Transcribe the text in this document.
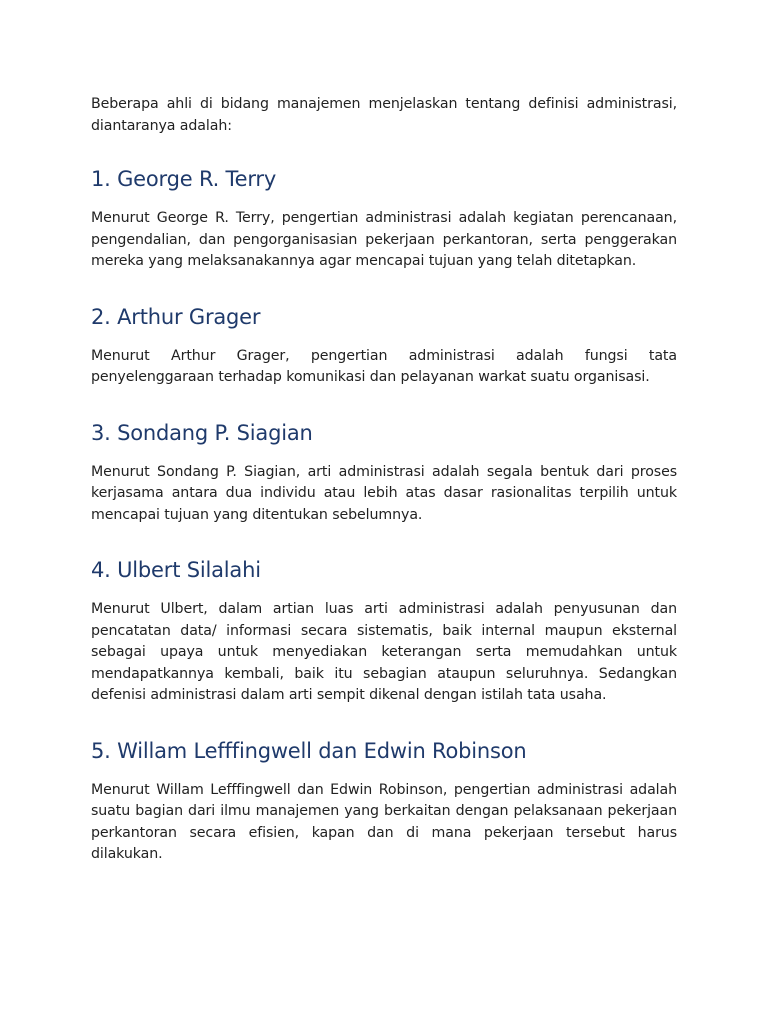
Beberapa ahli di bidang manajemen menjelaskan tentang definisi administrasi, diantaranya adalah:

1. George R. Terry

Menurut George R. Terry, pengertian administrasi adalah kegiatan perencanaan, pengendalian, dan pengorganisasian pekerjaan perkantoran, serta penggerakan mereka yang melaksanakannya agar mencapai tujuan yang telah ditetapkan.

2. Arthur Grager

Menurut Arthur Grager, pengertian administrasi adalah fungsi tata penyelenggaraan terhadap komunikasi dan pelayanan warkat suatu organisasi.

3. Sondang P. Siagian

Menurut Sondang P. Siagian, arti administrasi adalah segala bentuk dari proses kerjasama antara dua individu atau lebih atas dasar rasionalitas terpilih untuk mencapai tujuan yang ditentukan sebelumnya.

4. Ulbert Silalahi

Menurut Ulbert, dalam artian luas arti administrasi adalah penyusunan dan pencatatan data/ informasi secara sistematis, baik internal maupun eksternal sebagai upaya untuk menyediakan keterangan serta memudahkan untuk mendapatkannya kembali, baik itu sebagian ataupun seluruhnya. Sedangkan defenisi administrasi dalam arti sempit dikenal dengan istilah tata usaha.

5. Willam Lefffingwell dan Edwin Robinson

Menurut Willam Lefffingwell dan Edwin Robinson, pengertian administrasi adalah suatu bagian dari ilmu manajemen yang berkaitan dengan pelaksanaan pekerjaan perkantoran secara efisien, kapan dan di mana pekerjaan tersebut harus dilakukan.
